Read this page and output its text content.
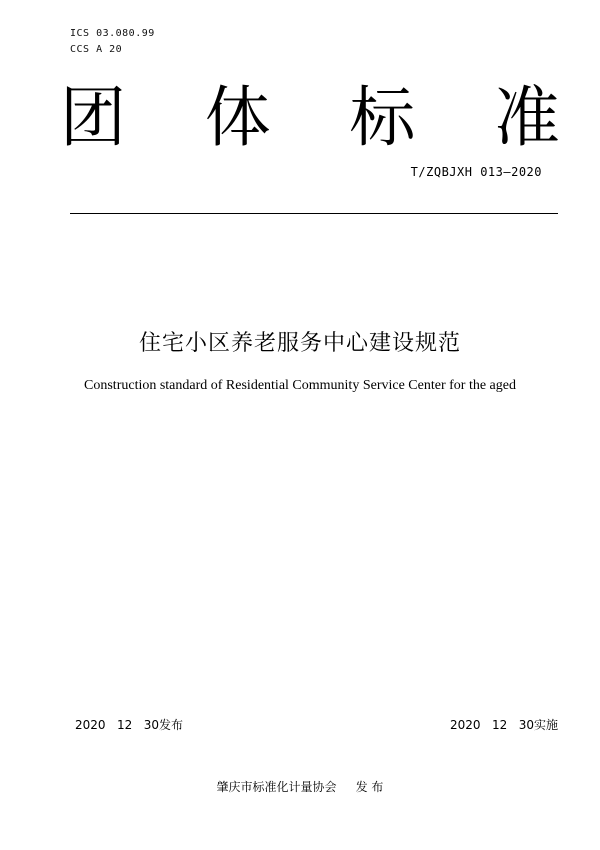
ICS 03.080.99
CCS A 20
团 体 标 准
T/ZQBJXH 013—2020
住宅小区养老服务中心建设规范
Construction standard of Residential Community Service Center for the aged
2020   12   30发布	2020   12   30实施
肇庆市标准化计量协会     发 布
